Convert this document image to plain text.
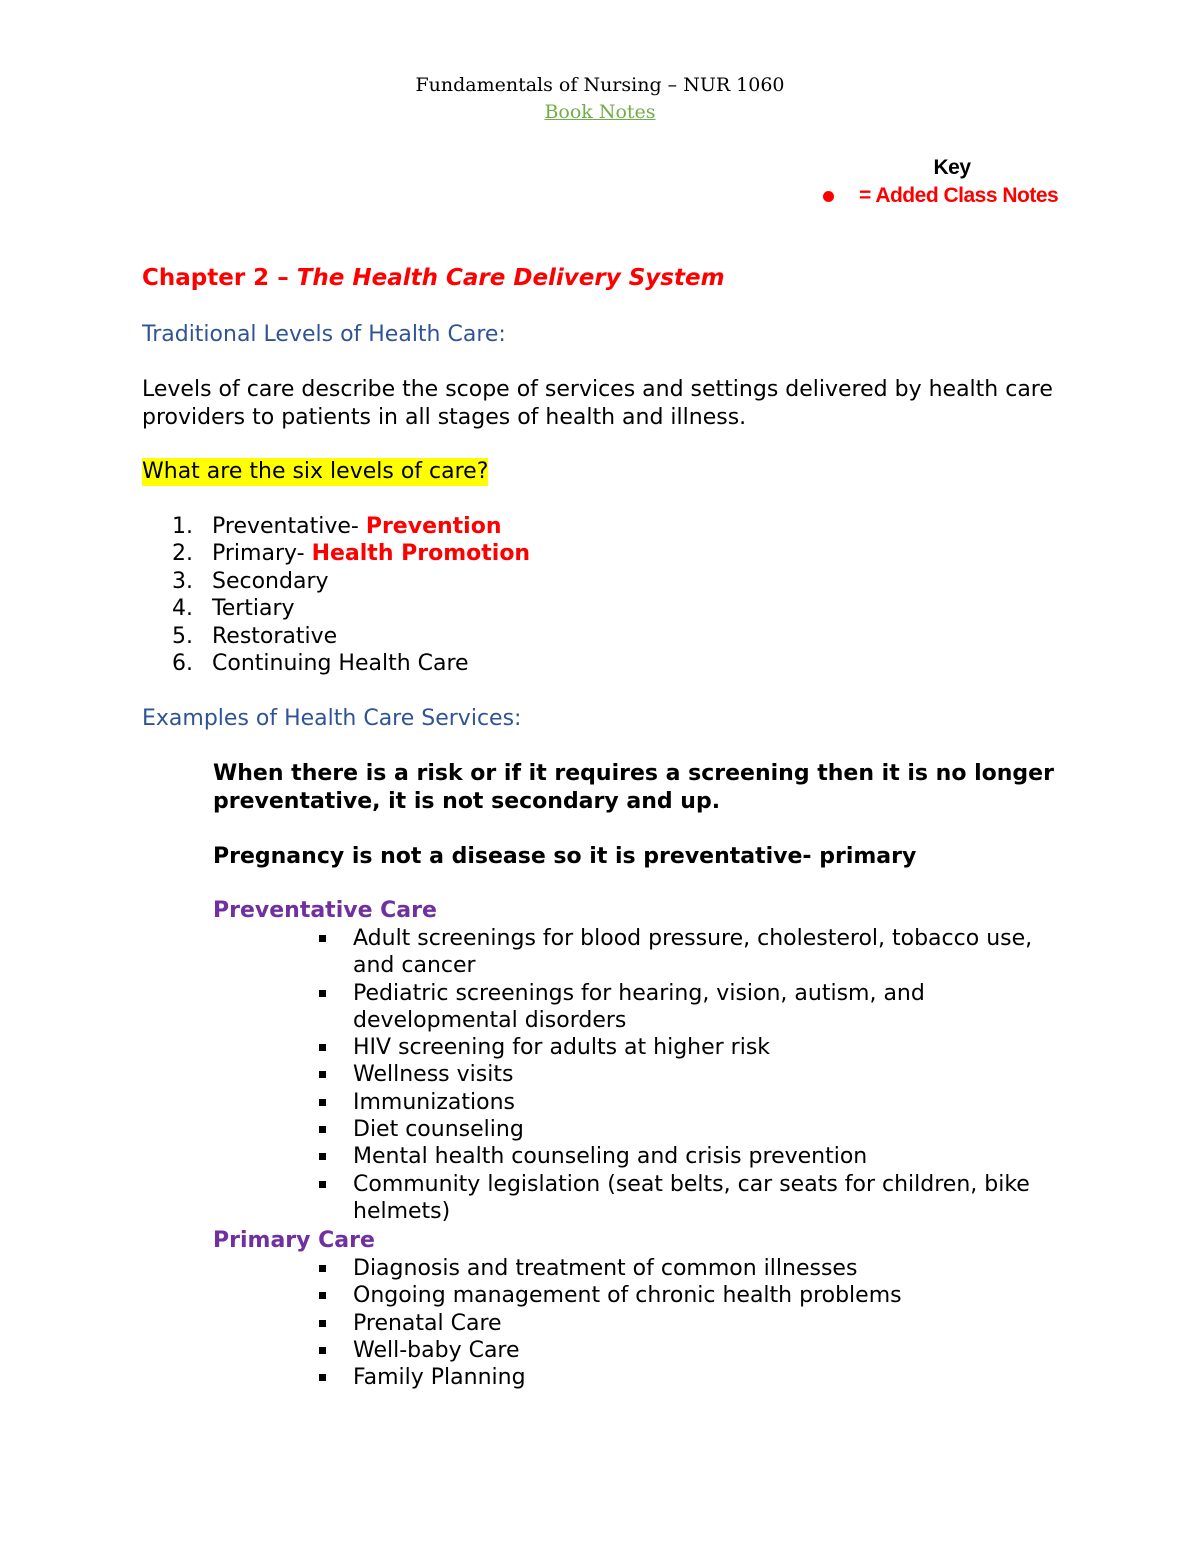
Fundamentals of Nursing – NUR 1060
Book Notes
Key
= Added Class Notes
Chapter 2 – The Health Care Delivery System
Traditional Levels of Health Care:
Levels of care describe the scope of services and settings delivered by health care providers to patients in all stages of health and illness.
What are the six levels of care?
1. Preventative- Prevention
2. Primary- Health Promotion
3. Secondary
4. Tertiary
5. Restorative
6. Continuing Health Care
Examples of Health Care Services:
When there is a risk or if it requires a screening then it is no longer preventative, it is not secondary and up.
Pregnancy is not a disease so it is preventative- primary
Preventative Care
Adult screenings for blood pressure, cholesterol, tobacco use, and cancer
Pediatric screenings for hearing, vision, autism, and developmental disorders
HIV screening for adults at higher risk
Wellness visits
Immunizations
Diet counseling
Mental health counseling and crisis prevention
Community legislation (seat belts, car seats for children, bike helmets)
Primary Care
Diagnosis and treatment of common illnesses
Ongoing management of chronic health problems
Prenatal Care
Well-baby Care
Family Planning
